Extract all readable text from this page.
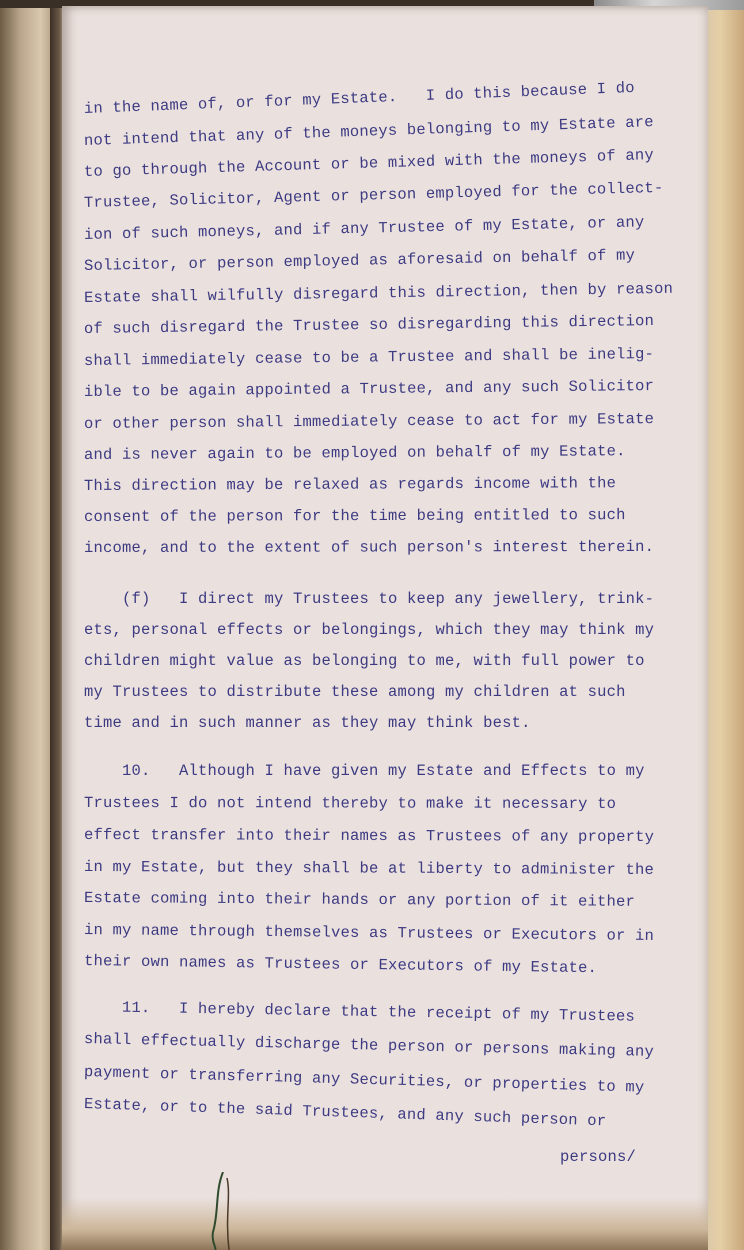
in the name of, or for my Estate.   I do this because I do

not intend that any of the moneys belonging to my Estate are

to go through the Account or be mixed with the moneys of any

Trustee, Solicitor, Agent or person employed for the collect-

ion of such moneys, and if any Trustee of my Estate, or any

Solicitor, or person employed as aforesaid on behalf of my

Estate shall wilfully disregard this direction, then by reason

of such disregard the Trustee so disregarding this direction

shall immediately cease to be a Trustee and shall be inelig-

ible to be again appointed a Trustee, and any such Solicitor

or other person shall immediately cease to act for my Estate

and is never again to be employed on behalf of my Estate.

This direction may be relaxed as regards income with the

consent of the person for the time being entitled to such

income, and to the extent of such person's interest therein.

(f)   I direct my Trustees to keep any jewellery, trink-

ets, personal effects or belongings, which they may think my

children might value as belonging to me, with full power to

my Trustees to distribute these among my children at such

time and in such manner as they may think best.

10.   Although I have given my Estate and Effects to my

Trustees I do not intend thereby to make it necessary to

effect transfer into their names as Trustees of any property

in my Estate, but they shall be at liberty to administer the

Estate coming into their hands or any portion of it either

in my name through themselves as Trustees or Executors or in

their own names as Trustees or Executors of my Estate.

11.   I hereby declare that the receipt of my Trustees

shall effectually discharge the person or persons making any

payment or transferring any Securities, or properties to my

Estate, or to the said Trustees, and any such person or

persons/
